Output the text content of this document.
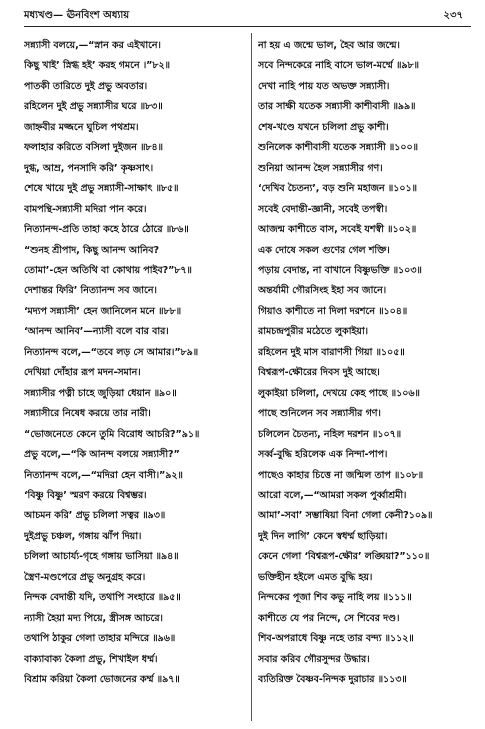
মধ্যখণ্ড— ঊনবিংশ অধ্যায়	২৩৭
সন্ন্যাসী বলয়ে,—“স্নান কর এইখানে।
কিছু খাই’ স্নিগ্ধ হই’ করহ গমনে ।”৮২॥
পাতকী তারিতে দুই প্রভু অবতার।
রহিলেন দুই প্রভু সন্ন্যাসীর ঘরে ॥৮৩॥
জাহ্নবীর মজ্জনে ঘুচিল পথশ্রম।
ফলাহার করিতে বসিলা দুইজন ॥৮৪॥
দুগ্ধ, আম্র, পনসাদি করি’ কৃষ্ণসাৎ।
শেষে খায়ে দুই প্রভু সন্ন্যাসী-সাক্ষাৎ ॥৮৫॥
বামপন্থি-সন্ন্যাসী মদিরা পান করে।
নিত্যানন্দ-প্রতি তাহা কহে ঠারে ঠোরে ॥৮৬॥
“শুনহ শ্রীপাদ, কিছু আনন্দ আনিব?
তোমা’-হেন অতিথি বা কোথায় পাইব?”৮৭॥
দেশান্তর ফিরি’ নিত্যানন্দ সব জানে।
‘মদ্যপ সন্ন্যাসী’ হেন জানিলেন মনে ॥৮৮॥
‘আনন্দ আনিব’—ন্যাসী বলে বার বার।
নিত্যানন্দ বলে,—“তবে লড় সে আমার।”৮৯॥
দেখিয়া দোঁহার রূপ মদন-সমান।
সন্ন্যাসীর পত্নী চাহে জুড়িয়া ধেয়ান ॥৯০॥
সন্ন্যাসীরে নিষেধ করয়ে তার নারী।
“ভোজনেতে কেনে তুমি বিরোধ আচরি?”৯১॥
প্রভু বলে,—“কি আনন্দ বলয়ে সন্ন্যাসী?”
নিত্যানন্দ বলে,—“মদিরা হেন বাসী।”৯২॥
‘বিষ্ণু বিষ্ণু’ স্মরণ করয়ে বিশ্বম্ভর।
আচমন করি’ প্রভু চলিলা সত্বর ॥৯৩॥
দুইপ্রভু চঞ্চল, গঙ্গায় ঝাঁপ দিয়া।
চলিলা আচার্য্য-গৃহে গঙ্গায় ভাসিয়া ॥৯৪॥
স্ত্রৈণ-মণ্ডপেরে প্রভু অনুগ্রহ করে।
নিন্দক বেদান্তী যদি, তথাপি সংহারে ॥৯৫॥
ন্যাসী হৈয়া মদ্য পিয়ে, স্ত্রীসঙ্গ আচরে।
তথাপি ঠাকুর গেলা তাহার মন্দিরে ॥৯৬॥
বাক্যাবাক্য কৈলা প্রভু, শিখাইল ধর্ম্ম।
বিশ্রাম করিয়া কৈলা ভোজনের কর্ম্ম ॥৯৭॥
না হয় এ জন্মে ভাল, হৈব আর জন্মে।
সবে নিন্দকেরে নাহি বাসে ভাল-মর্ম্মে ॥৯৮॥
দেখা নাহি পায় যত অভক্ত সন্ন্যাসী।
তার সাক্ষী যতেক সন্ন্যাসী কাশীবাসী ॥৯৯॥
শেষ-খণ্ডে যখনে চলিলা প্রভু কাশী।
শুনিলেক কাশীবাসী যতেক সন্ন্যাসী ॥১০০॥
শুনিয়া আনন্দ হৈল সন্ন্যাসীর গণ।
‘দেখিব চৈতন্য’, বড় শুনি মহাজন ॥১০১॥
সবেই বেদান্তী-জ্ঞানী, সবেই তপস্বী।
আজন্ম কাশীতে বাস, সবেই যশস্বী ॥১০২॥
এক দোষে সকল গুণের গেল শক্তি।
পড়ায় বেদান্ত, না বাখানে বিষ্ণুভক্তি ॥১০৩॥
অন্তর্যামী গৌরসিংহ ইহা সব জানে।
গিয়াও কাশীতে না দিলা দরশনে ॥১০৪॥
রামচন্দ্রপুরীর মঠেতে লুকাইয়া।
রহিলেন দুই মাস বারাণসী গিয়া ॥১০৫॥
বিশ্বরূপ-ক্ষৌরের দিবস দুই আছে।
লুকাইয়া চলিলা, দেখয়ে কেহ পাছে ॥১০৬॥
পাছে শুনিলেন সব সন্ন্যাসীর গণ।
চলিলেন চৈতন্য, নহিল দরশন ॥১০৭॥
সর্ব্ব-বুদ্ধি হরিলেক এক নিন্দা-পাপ।
পাছেও কাহার চিত্তে না জন্মিল তাপ ॥১০৮॥
আরো বলে,—“আমরা সকল পুর্ব্বাশ্রমী।
আমা’-সবা’ সম্ভাষিয়া বিনা গেলা কেনী?১০৯॥
দুই দিন লাগি’ কেনে স্বধর্ম্ম ছাড়িয়া।
কেনে গেলা ‘বিশ্বরূপ-ক্ষৌর’ লঙ্ঘিয়া?”১১০॥
ভক্তিহীন হইলে এমত বুদ্ধি হয়।
নিন্দকের পূজা শিব কভু নাহি লয় ॥১১১॥
কাশীতে যে পর নিন্দে, সে শিবের দণ্ড।
শিব-অপরাধে বিষ্ণু নহে তার বন্দ্য ॥১১২॥
সবার করিব গৌরসুন্দর উদ্ধার।
ব্যতিরিক্ত বৈষ্ণব-নিন্দক দুরাচার ॥১১৩॥
